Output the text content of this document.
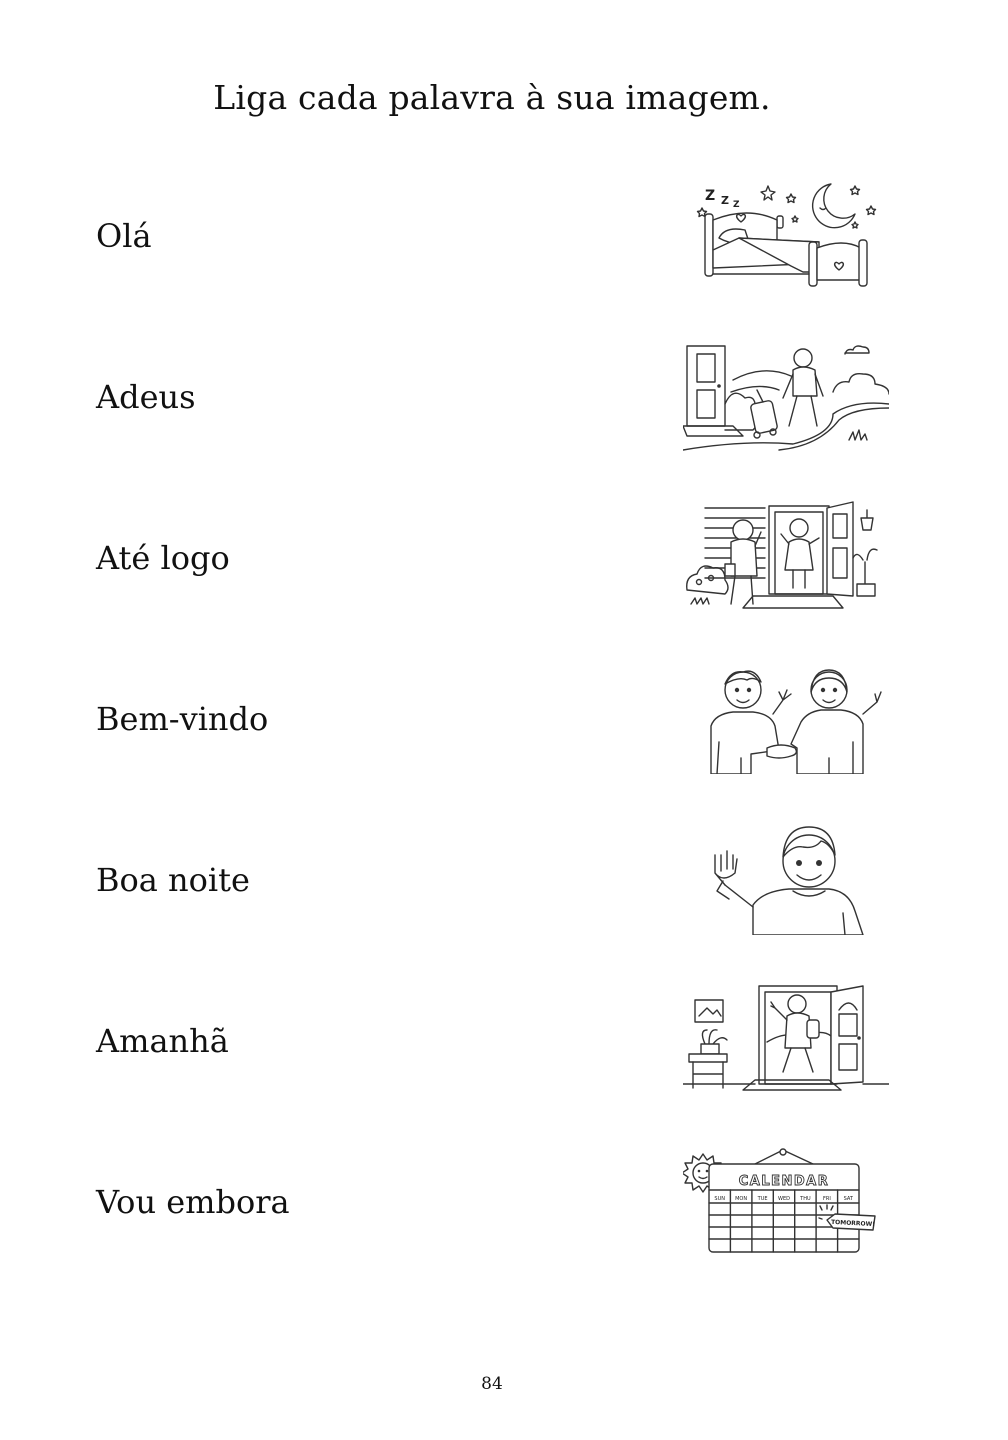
Liga cada palavra à sua imagem.
Olá
Adeus
Até logo
Bem-vindo
Boa noite
Amanhã
Vou embora
Z Z Z
CALENDAR
SUN MON TUE WED THU FRI	SAT
TOMORROW!
84
